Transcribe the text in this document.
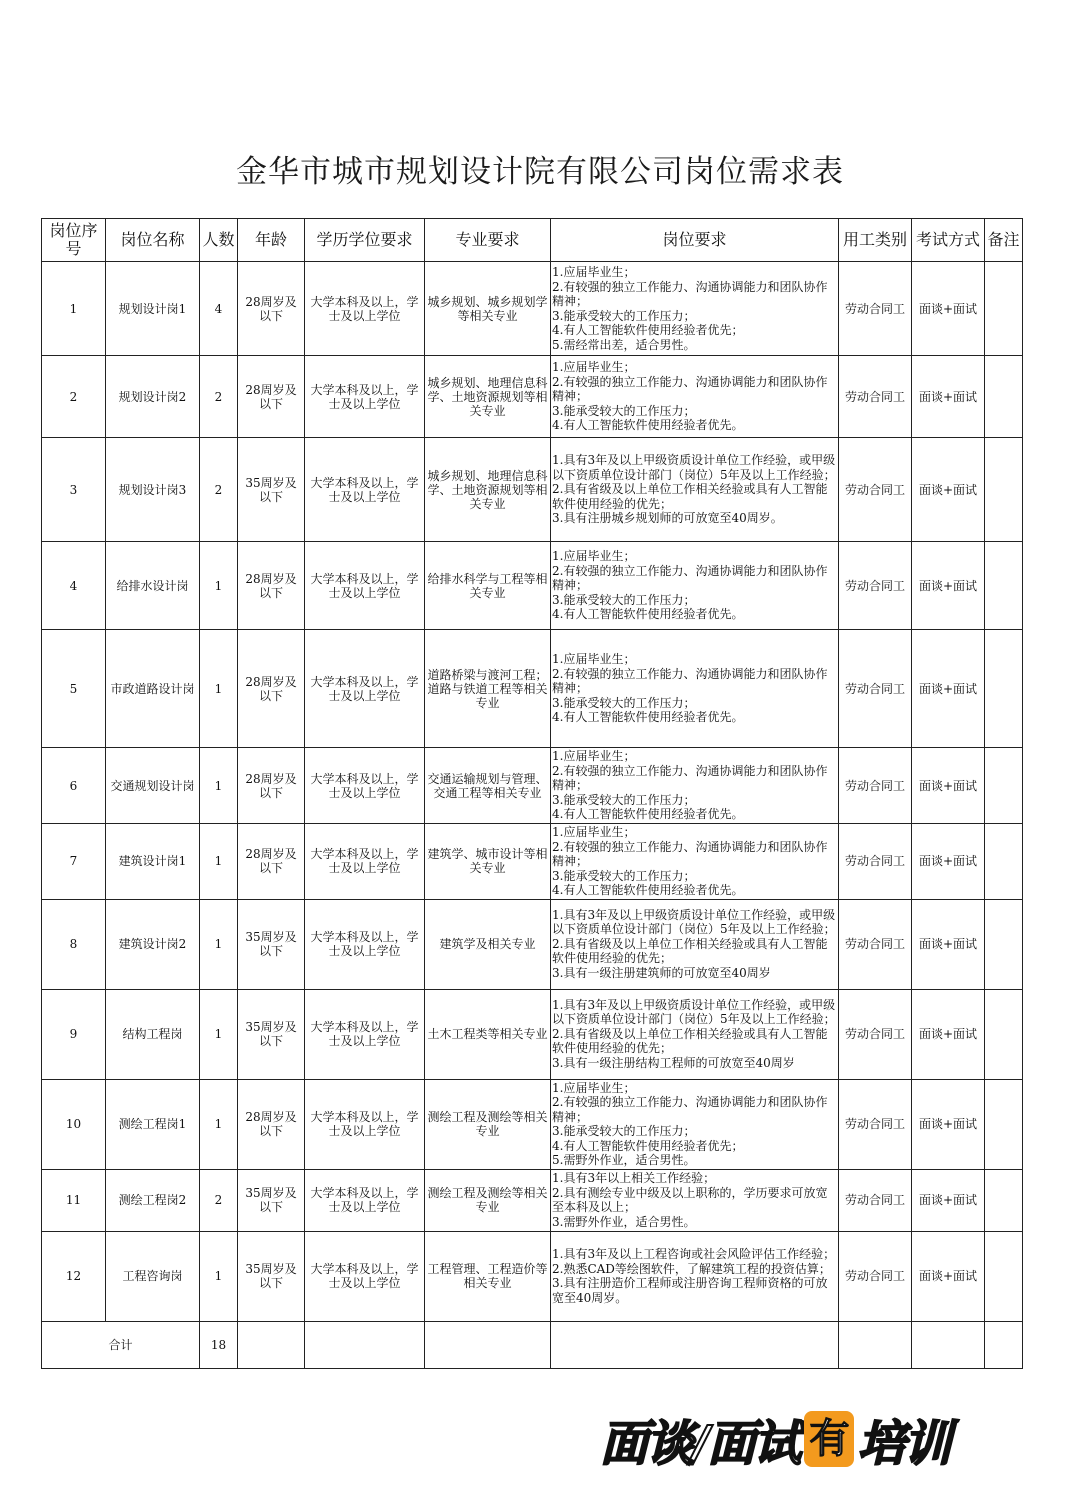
金华市城市规划设计院有限公司岗位需求表
岗位序号	岗位名称	人数	年龄	学历学位要求	专业要求	岗位要求	用工类别	考试方式	备注
1	规划设计岗1	4	28周岁及以下	大学本科及以上，学士及以上学位	城乡规划、城乡规划学等相关专业	1.应届毕业生；
2.有较强的独立工作能力、沟通协调能力和团队协作精神；
3.能承受较大的工作压力；
4.有人工智能软件使用经验者优先；
5.需经常出差，适合男性。	劳动合同工	面谈+面试	
2	规划设计岗2	2	28周岁及以下	大学本科及以上，学士及以上学位	城乡规划、地理信息科学、土地资源规划等相关专业	1.应届毕业生；
2.有较强的独立工作能力、沟通协调能力和团队协作精神；
3.能承受较大的工作压力；
4.有人工智能软件使用经验者优先。	劳动合同工	面谈+面试	
3	规划设计岗3	2	35周岁及以下	大学本科及以上，学士及以上学位	城乡规划、地理信息科学、土地资源规划等相关专业	1.具有3年及以上甲级资质设计单位工作经验，或甲级以下资质单位设计部门（岗位）5年及以上工作经验；
2.具有省级及以上单位工作相关经验或具有人工智能软件使用经验的优先；
3.具有注册城乡规划师的可放宽至40周岁。	劳动合同工	面谈+面试	
4	给排水设计岗	1	28周岁及以下	大学本科及以上，学士及以上学位	给排水科学与工程等相关专业	1.应届毕业生；
2.有较强的独立工作能力、沟通协调能力和团队协作精神；
3.能承受较大的工作压力；
4.有人工智能软件使用经验者优先。	劳动合同工	面谈+面试	
5	市政道路设计岗	1	28周岁及以下	大学本科及以上，学士及以上学位	道路桥梁与渡河工程；道路与铁道工程等相关专业	1.应届毕业生；
2.有较强的独立工作能力、沟通协调能力和团队协作精神；
3.能承受较大的工作压力；
4.有人工智能软件使用经验者优先。	劳动合同工	面谈+面试	
6	交通规划设计岗	1	28周岁及以下	大学本科及以上，学士及以上学位	交通运输规划与管理、交通工程等相关专业	1.应届毕业生；
2.有较强的独立工作能力、沟通协调能力和团队协作精神；
3.能承受较大的工作压力；
4.有人工智能软件使用经验者优先。	劳动合同工	面谈+面试	
7	建筑设计岗1	1	28周岁及以下	大学本科及以上，学士及以上学位	建筑学、城市设计等相关专业	1.应届毕业生；
2.有较强的独立工作能力、沟通协调能力和团队协作精神；
3.能承受较大的工作压力；
4.有人工智能软件使用经验者优先。	劳动合同工	面谈+面试	
8	建筑设计岗2	1	35周岁及以下	大学本科及以上，学士及以上学位	建筑学及相关专业	1.具有3年及以上甲级资质设计单位工作经验，或甲级以下资质单位设计部门（岗位）5年及以上工作经验；
2.具有省级及以上单位工作相关经验或具有人工智能软件使用经验的优先；
3.具有一级注册建筑师的可放宽至40周岁	劳动合同工	面谈+面试	
9	结构工程岗	1	35周岁及以下	大学本科及以上，学士及以上学位	土木工程类等相关专业	1.具有3年及以上甲级资质设计单位工作经验，或甲级以下资质单位设计部门（岗位）5年及以上工作经验；
2.具有省级及以上单位工作相关经验或具有人工智能软件使用经验的优先；
3.具有一级注册结构工程师的可放宽至40周岁	劳动合同工	面谈+面试	
10	测绘工程岗1	1	28周岁及以下	大学本科及以上，学士及以上学位	测绘工程及测绘等相关专业	1.应届毕业生；
2.有较强的独立工作能力、沟通协调能力和团队协作精神；
3.能承受较大的工作压力；
4.有人工智能软件使用经验者优先；
5.需野外作业，适合男性。	劳动合同工	面谈+面试	
11	测绘工程岗2	2	35周岁及以下	大学本科及以上，学士及以上学位	测绘工程及测绘等相关专业	1.具有3年以上相关工作经验；
2.具有测绘专业中级及以上职称的，学历要求可放宽至本科及以上；
3.需野外作业，适合男性。	劳动合同工	面谈+面试	
12	工程咨询岗	1	35周岁及以下	大学本科及以上，学士及以上学位	工程管理、工程造价等相关专业	1.具有3年及以上工程咨询或社会风险评估工作经验；
2.熟悉CAD等绘图软件，了解建筑工程的投资估算；
3.具有注册造价工程师或注册咨询工程师资格的可放宽至40周岁。	劳动合同工	面谈+面试	
合计		18							
面谈/面试 有 培训
